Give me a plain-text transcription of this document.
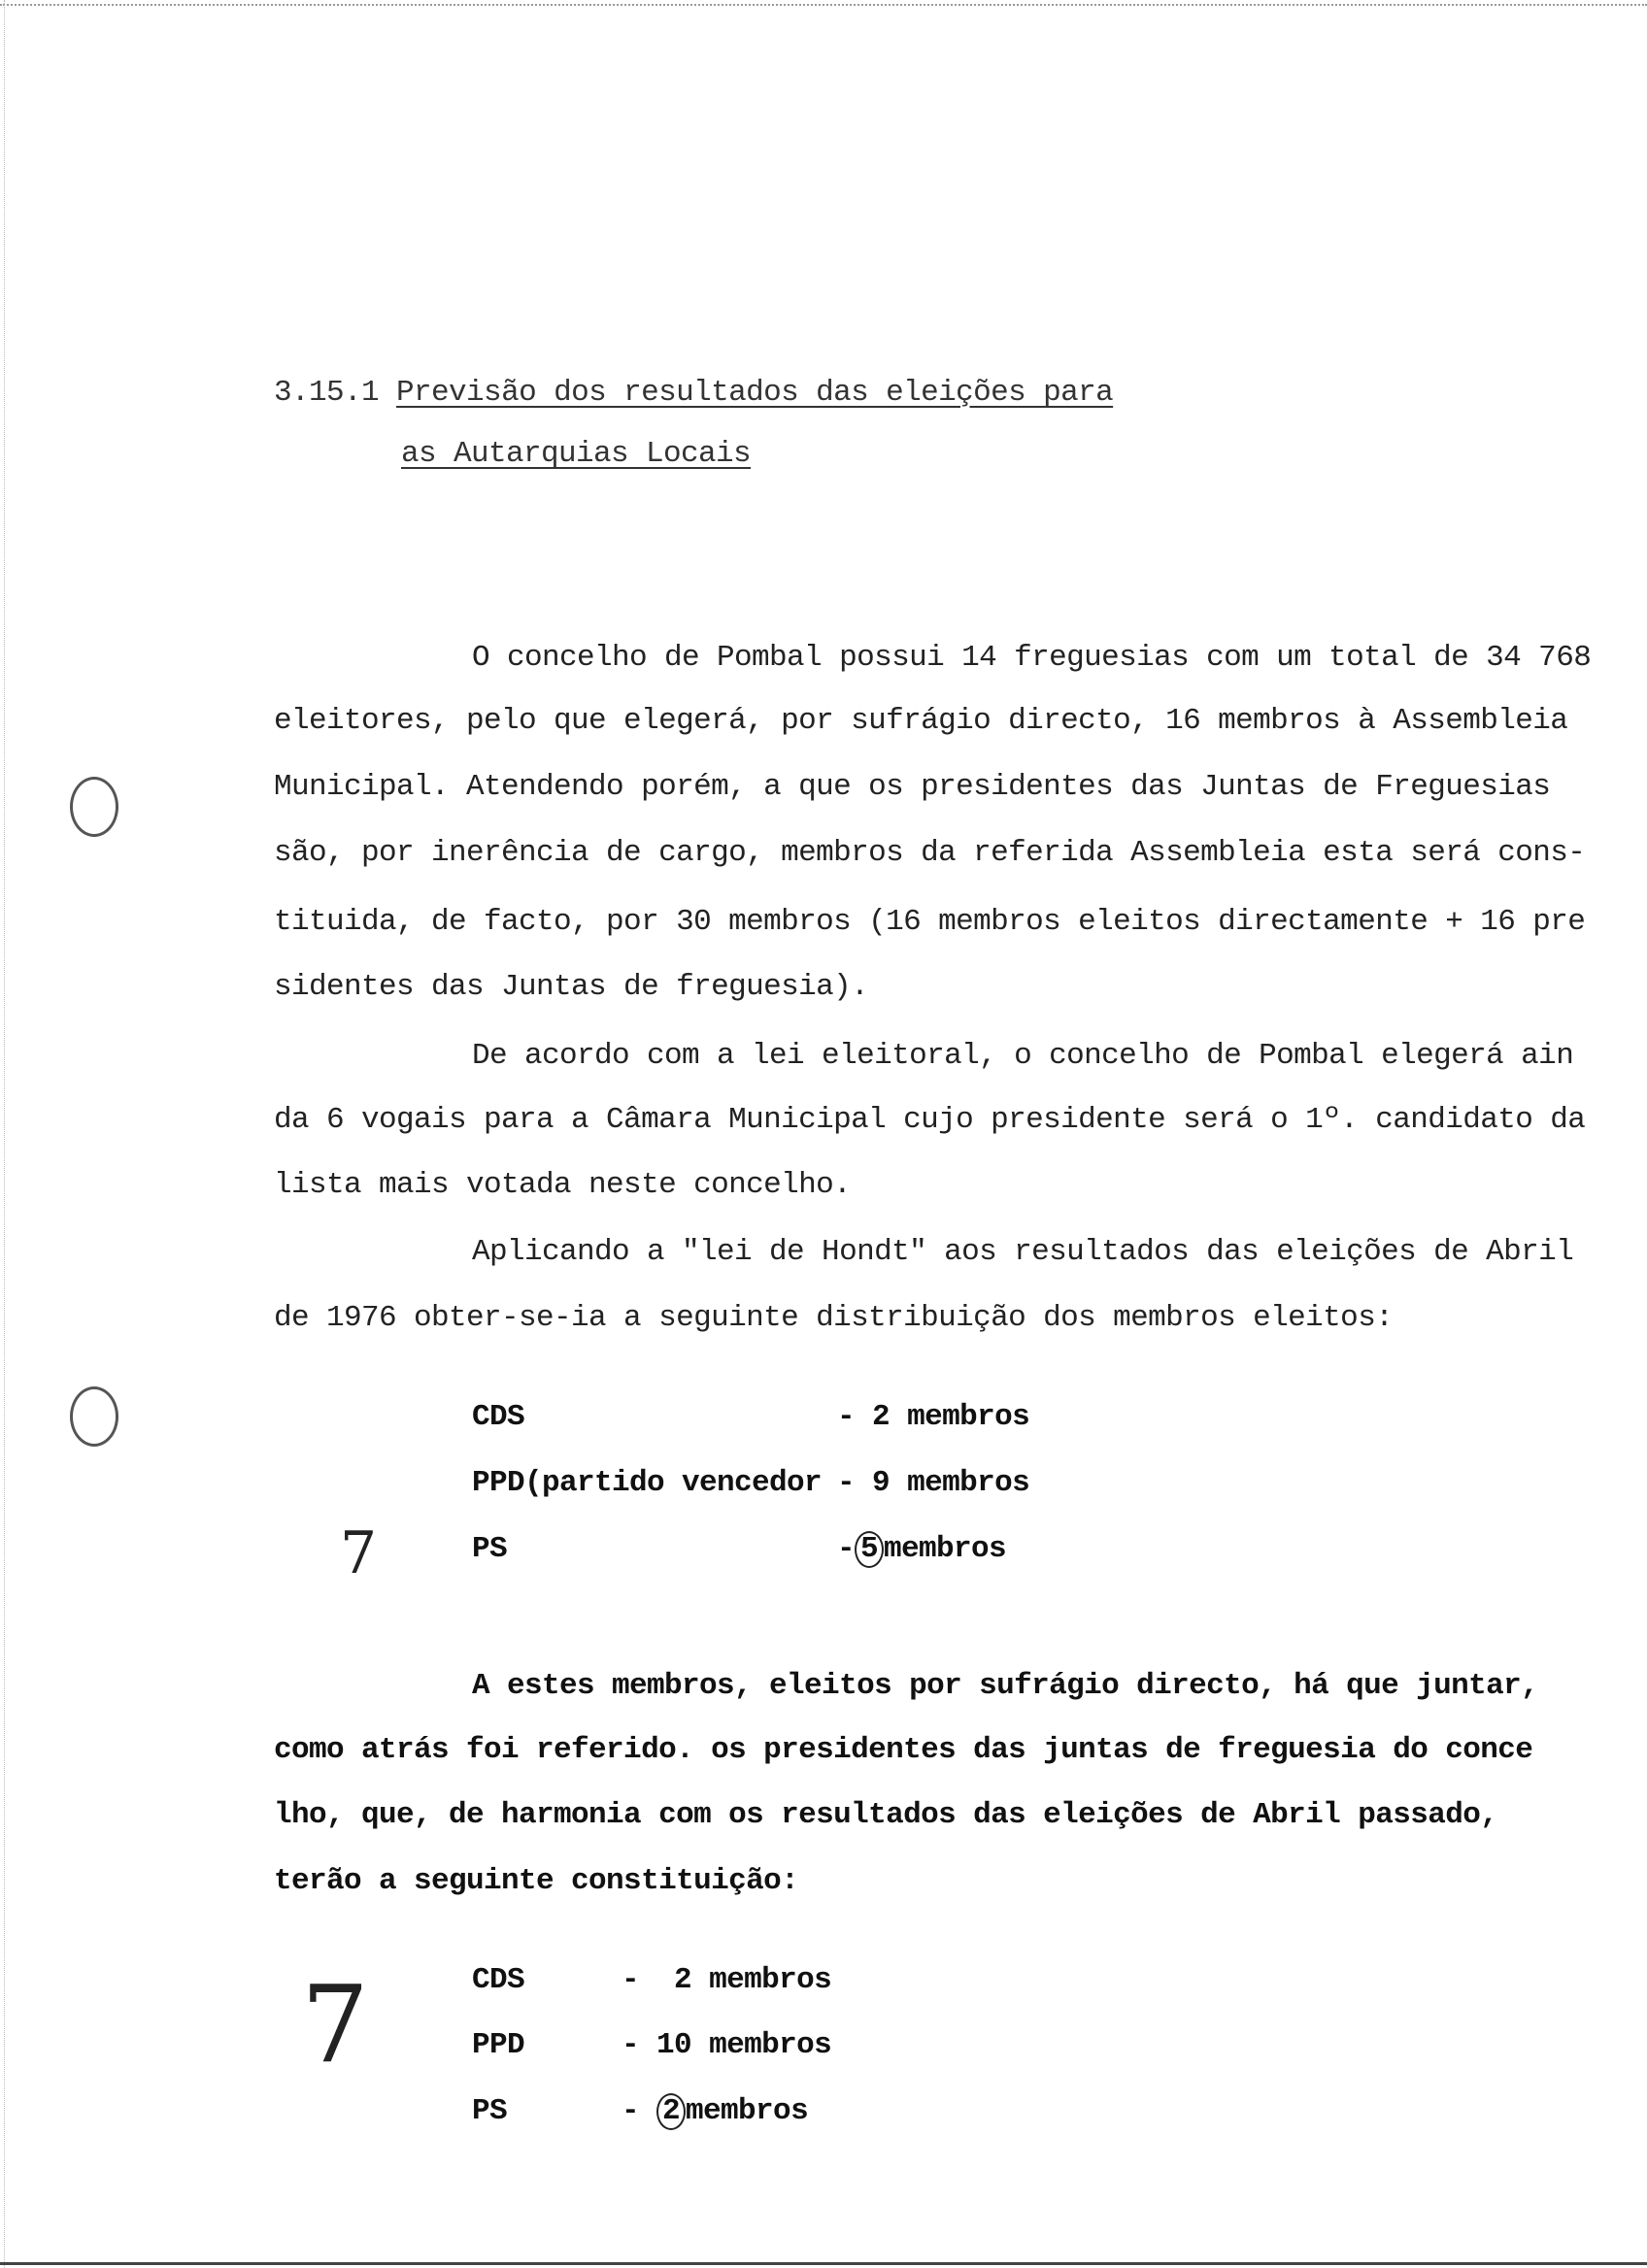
3.15.1 Previsão dos resultados das eleições para
as Autarquias Locais
O concelho de Pombal possui 14 freguesias com um total de 34 768
eleitores, pelo que elegerá, por sufrágio directo, 16 membros à Assembleia
Municipal. Atendendo porém, a que os presidentes das Juntas de Freguesias
são, por inerência de cargo, membros da referida Assembleia esta será cons-
tituida, de facto, por 30 membros (16 membros eleitos directamente + 16 pre
sidentes das Juntas de freguesia).
De acordo com a lei eleitoral, o concelho de Pombal elegerá ain
da 6 vogais para a Câmara Municipal cujo presidente será o 1º. candidato da
lista mais votada neste concelho.
Aplicando a "lei de Hondt" aos resultados das eleições de Abril
de 1976 obter-se-ia a seguinte distribuição dos membros eleitos:
7
CDS	- 2 membros
PPD(partido vencedor - 9 membros
PS	- 5 membros
A estes membros, eleitos por sufrágio directo, há que juntar,
como atrás foi referido. os presidentes das juntas de freguesia do conce
lho, que, de harmonia com os resultados das eleições de Abril passado,
terão a seguinte constituição:
7	CDS	- 2 membros
PPD	- 10 membros
PS	- 2 membros
